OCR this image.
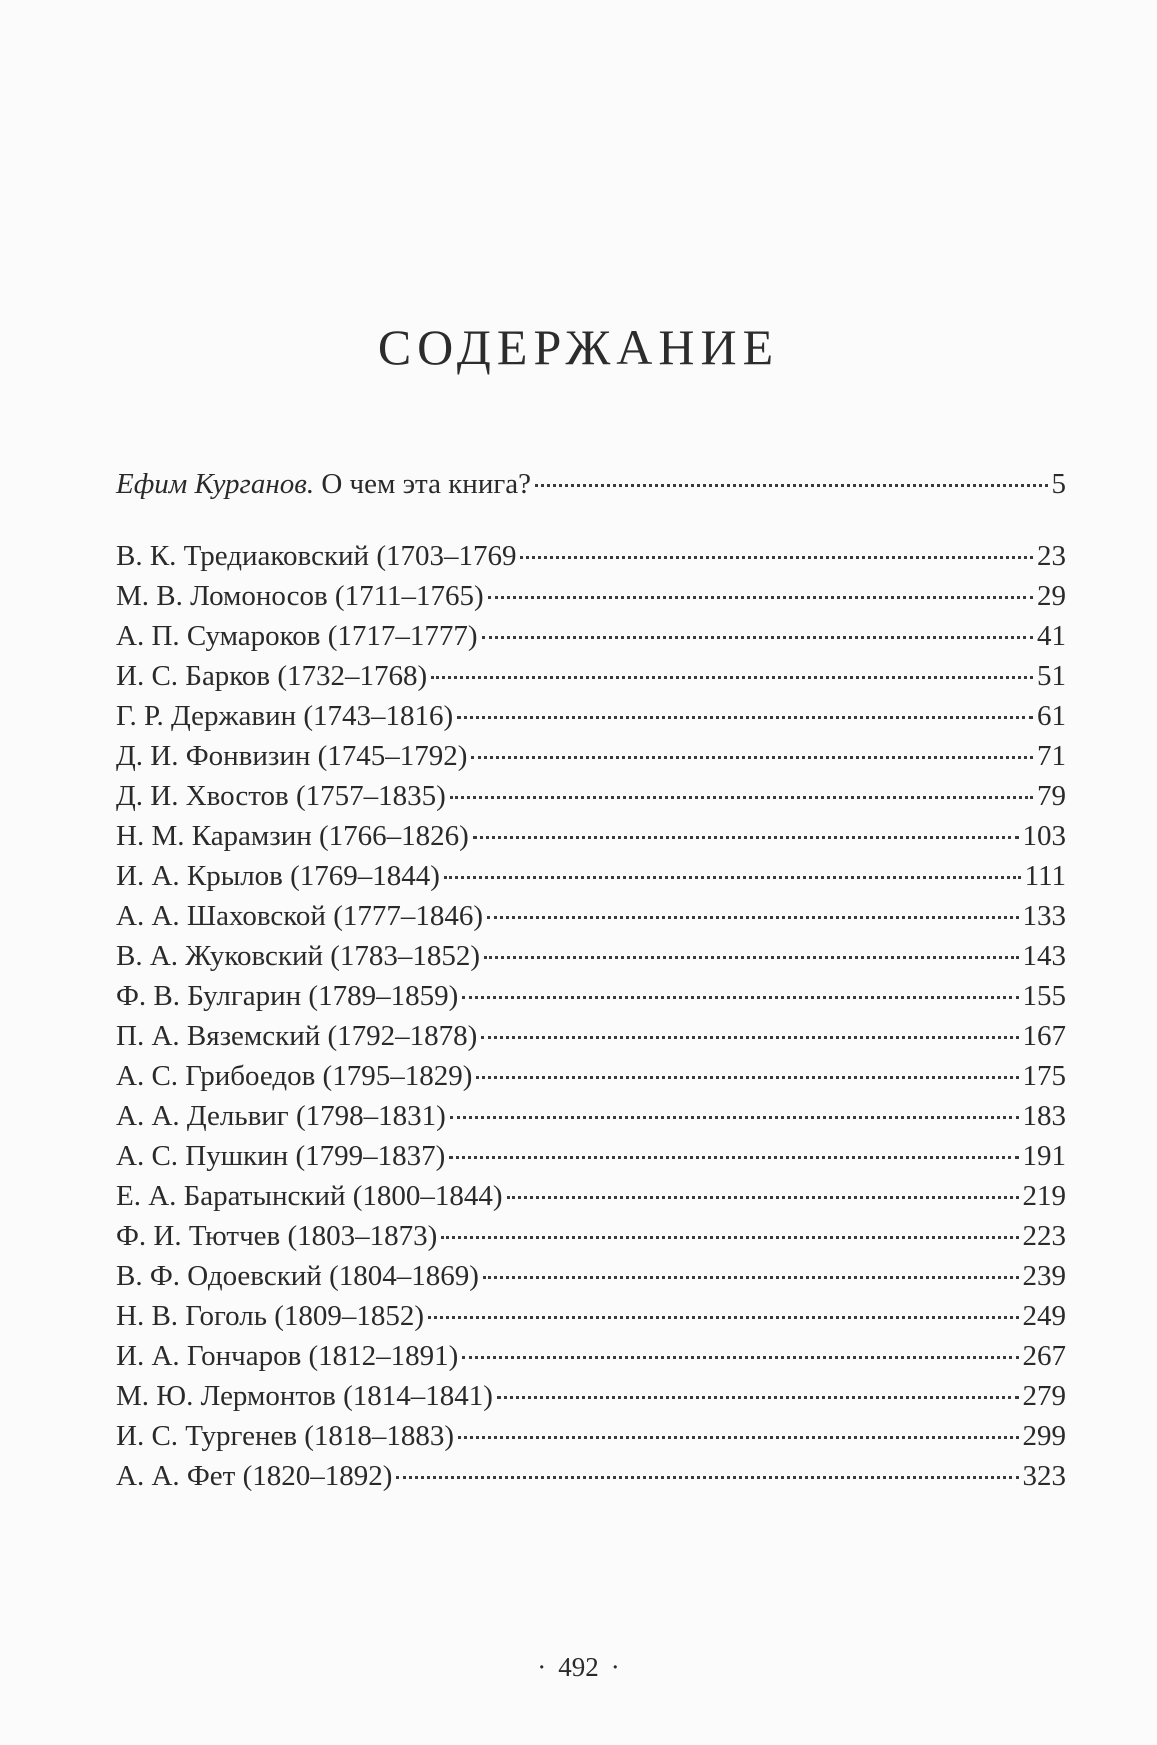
СОДЕРЖАНИЕ
Ефим Курганов. О чем эта книга?	5
В. К. Тредиаковский (1703–1769	23
М. В. Ломоносов (1711–1765)	29
А. П. Сумароков (1717–1777)	41
И. С. Барков (1732–1768)	51
Г. Р. Державин (1743–1816)	61
Д. И. Фонвизин (1745–1792)	71
Д. И. Хвостов (1757–1835)	79
Н. М. Карамзин (1766–1826)	103
И. А. Крылов (1769–1844)	111
А. А. Шаховской (1777–1846)	133
В. А. Жуковский (1783–1852)	143
Ф. В. Булгарин (1789–1859)	155
П. А. Вяземский (1792–1878)	167
А. С. Грибоедов (1795–1829)	175
А. А. Дельвиг (1798–1831)	183
А. С. Пушкин (1799–1837)	191
Е. А. Баратынский (1800–1844)	219
Ф. И. Тютчев (1803–1873)	223
В. Ф. Одоевский (1804–1869)	239
Н. В. Гоголь (1809–1852)	249
И. А. Гончаров (1812–1891)	267
М. Ю. Лермонтов (1814–1841)	279
И. С. Тургенев (1818–1883)	299
А. А. Фет (1820–1892)	323
· 492 ·
